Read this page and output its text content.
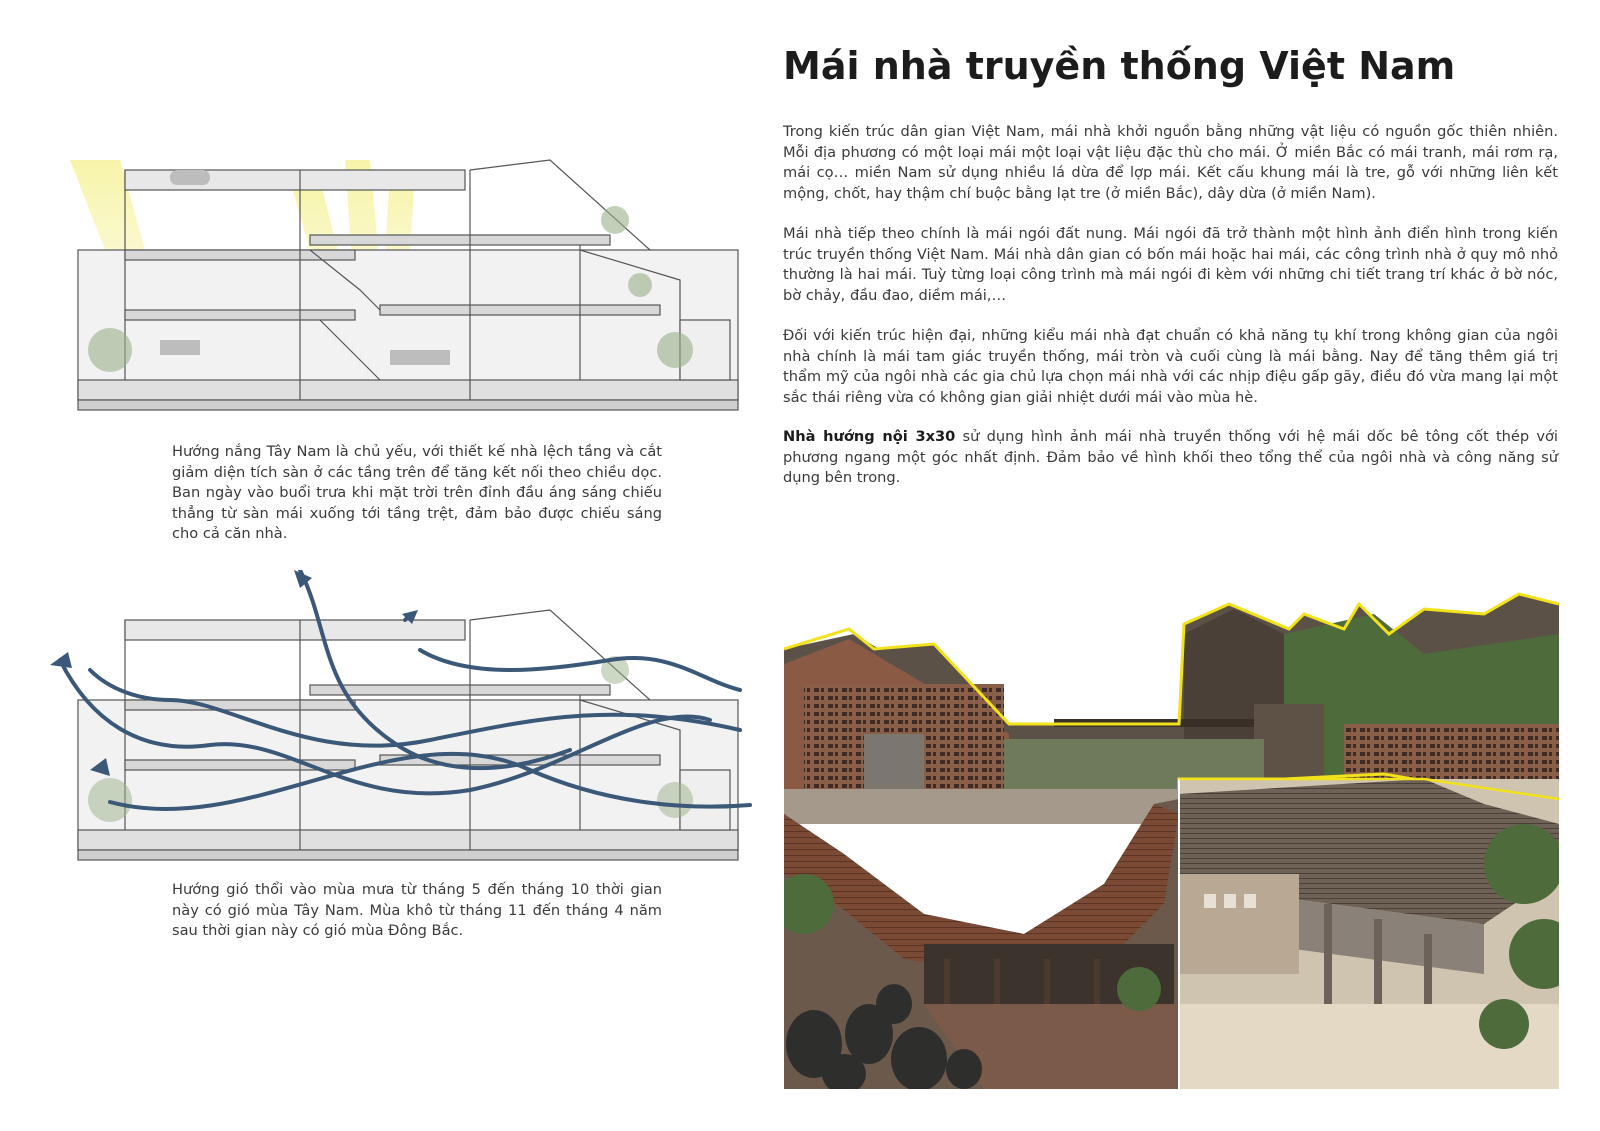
Mái nhà truyền thống Việt Nam

Trong kiến trúc dân gian Việt Nam, mái nhà khởi nguồn bằng những vật liệu có nguồn gốc thiên nhiên. Mỗi địa phương có một loại mái một loại vật liệu đặc thù cho mái. Ở miền Bắc có mái tranh, mái rơm rạ, mái cọ… miền Nam sử dụng nhiều lá dừa để lợp mái. Kết cấu khung mái là tre, gỗ với những liên kết mộng, chốt, hay thậm chí buộc bằng lạt tre (ở miền Bắc), dây dừa (ở miền Nam).

Mái nhà tiếp theo chính là mái ngói đất nung. Mái ngói đã trở thành một hình ảnh điển hình trong kiến trúc truyền thống Việt Nam. Mái nhà dân gian có bốn mái hoặc hai mái, các công trình nhà ở quy mô nhỏ thường là hai mái. Tuỳ từng loại công trình mà mái ngói đi kèm với những chi tiết trang trí khác ở bờ nóc, bờ chảy, đầu đao, diềm mái,…

Đối với kiến trúc hiện đại, những kiểu mái nhà đạt chuẩn có khả năng tụ khí trong không gian của ngôi nhà chính là mái tam giác truyền thống, mái tròn và cuối cùng là mái bằng. Nay để tăng thêm giá trị thẩm mỹ của ngôi nhà các gia chủ lựa chọn mái nhà với các nhịp điệu gấp gãy, điều đó vừa mang lại một sắc thái riêng vừa có không gian giải nhiệt dưới mái vào mùa hè.

Nhà hướng nội 3x30 sử dụng hình ảnh mái nhà truyền thống với hệ mái dốc bê tông cốt thép với phương ngang một góc nhất định. Đảm bảo về hình khối theo tổng thể của ngôi nhà và công năng sử dụng bên trong.

Hướng nắng Tây Nam là chủ yếu, với thiết kế nhà lệch tầng và cắt giảm diện tích sàn ở các tầng trên để tăng kết nối theo chiều dọc. Ban ngày vào buổi trưa khi mặt trời trên đỉnh đầu áng sáng chiếu thẳng từ sàn mái xuống tới tầng trệt, đảm bảo được chiếu sáng cho cả căn nhà.

Hướng gió thổi vào mùa mưa từ tháng 5 đến tháng 10 thời gian này có gió mùa Tây Nam. Mùa khô từ tháng 11 đến tháng 4 năm sau thời gian này có gió mùa Đông Bắc.
